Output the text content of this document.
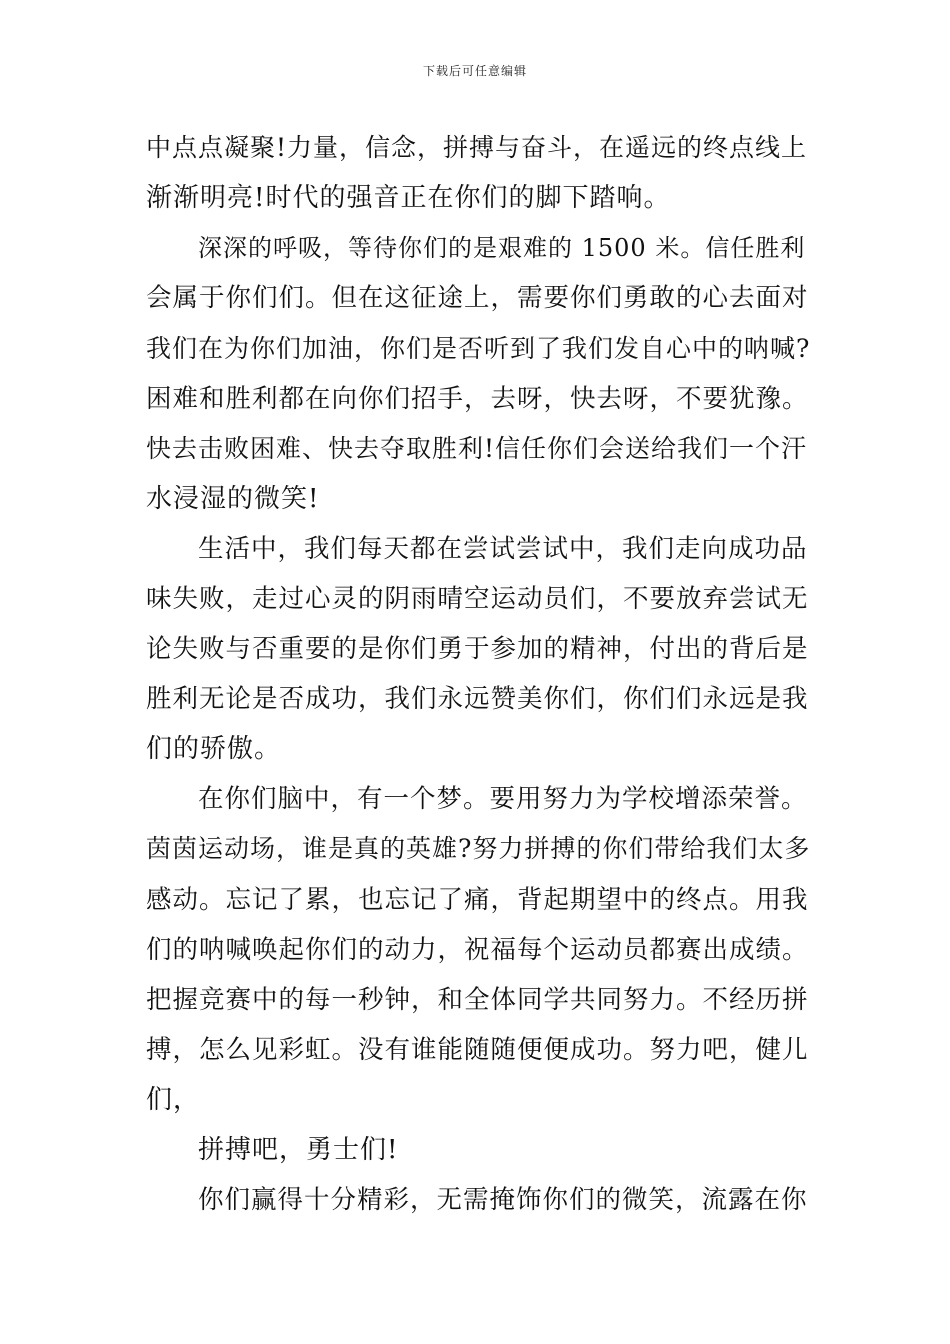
下载后可任意编辑
中点点凝聚!力量，信念，拼搏与奋斗，在遥远的终点线上
渐渐明亮!时代的强音正在你们的脚下踏响。
深深的呼吸，等待你们的是艰难的 1500 米。信任胜利
会属于你们们。但在这征途上，需要你们勇敢的心去面对
我们在为你们加油，你们是否听到了我们发自心中的呐喊?
困难和胜利都在向你们招手，去呀，快去呀，不要犹豫。
快去击败困难、快去夺取胜利!信任你们会送给我们一个汗
水浸湿的微笑!
生活中，我们每天都在尝试尝试中，我们走向成功品
味失败，走过心灵的阴雨晴空运动员们，不要放弃尝试无
论失败与否重要的是你们勇于参加的精神，付出的背后是
胜利无论是否成功，我们永远赞美你们，你们们永远是我
们的骄傲。
在你们脑中，有一个梦。要用努力为学校增添荣誉。
茵茵运动场，谁是真的英雄?努力拼搏的你们带给我们太多
感动。忘记了累，也忘记了痛，背起期望中的终点。用我
们的呐喊唤起你们的动力，祝福每个运动员都赛出成绩。
把握竞赛中的每一秒钟，和全体同学共同努力。不经历拼
搏，怎么见彩虹。没有谁能随随便便成功。努力吧，健儿
们，
拼搏吧，勇士们!
你们赢得十分精彩，无需掩饰你们的微笑，流露在你
